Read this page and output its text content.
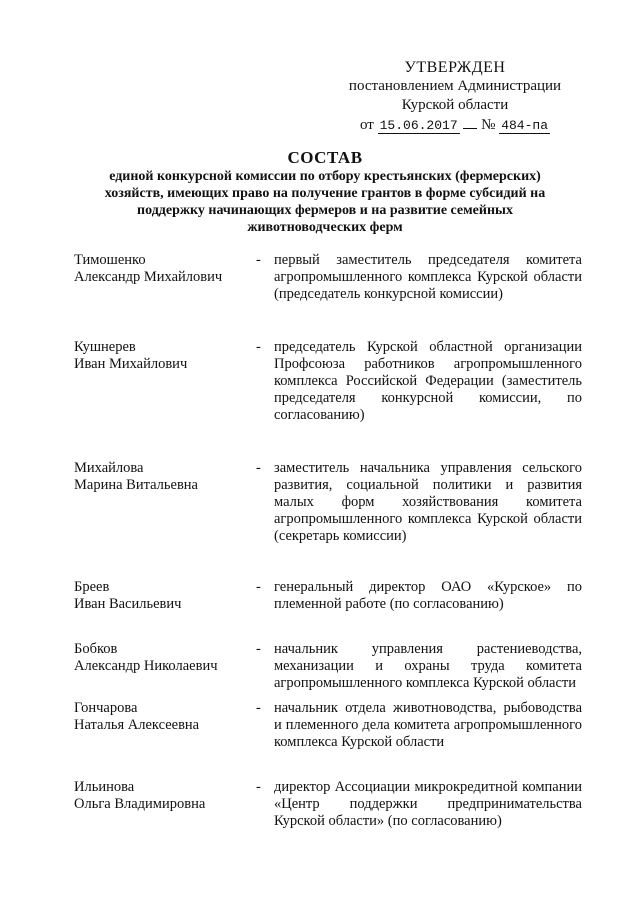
УТВЕРЖДЕН
постановлением Администрации
Курской области
от 15.06.2017 № 484-па
СОСТАВ
единой конкурсной комиссии по отбору крестьянских (фермерских)
хозяйств, имеющих право на получение грантов в форме субсидий на
поддержку начинающих фермеров и на развитие семейных
животноводческих ферм
Тимошенко
Александр Михайлович
- первый заместитель председателя комитета агропромышленного комплекса Курской области (председатель конкурсной комиссии)
Кушнерев
Иван Михайлович
- председатель Курской областной организации Профсоюза работников агропромышленного комплекса Российской Федерации (заместитель председателя конкурсной комиссии, по согласованию)
Михайлова
Марина Витальевна
- заместитель начальника управления сельского развития, социальной политики и развития малых форм хозяйствования комитета агропромышленного комплекса Курской области (секретарь комиссии)
Бреев
Иван Васильевич
- генеральный директор ОАО «Курское» по племенной работе (по согласованию)
Бобков
Александр Николаевич
- начальник управления растениеводства, механизации и охраны труда комитета агропромышленного комплекса Курской области
Гончарова
Наталья Алексеевна
- начальник отдела животноводства, рыбоводства и племенного дела комитета агропромышленного комплекса Курской области
Ильинова
Ольга Владимировна
- директор Ассоциации микрокредитной компании «Центр поддержки предпринимательства Курской области» (по согласованию)
